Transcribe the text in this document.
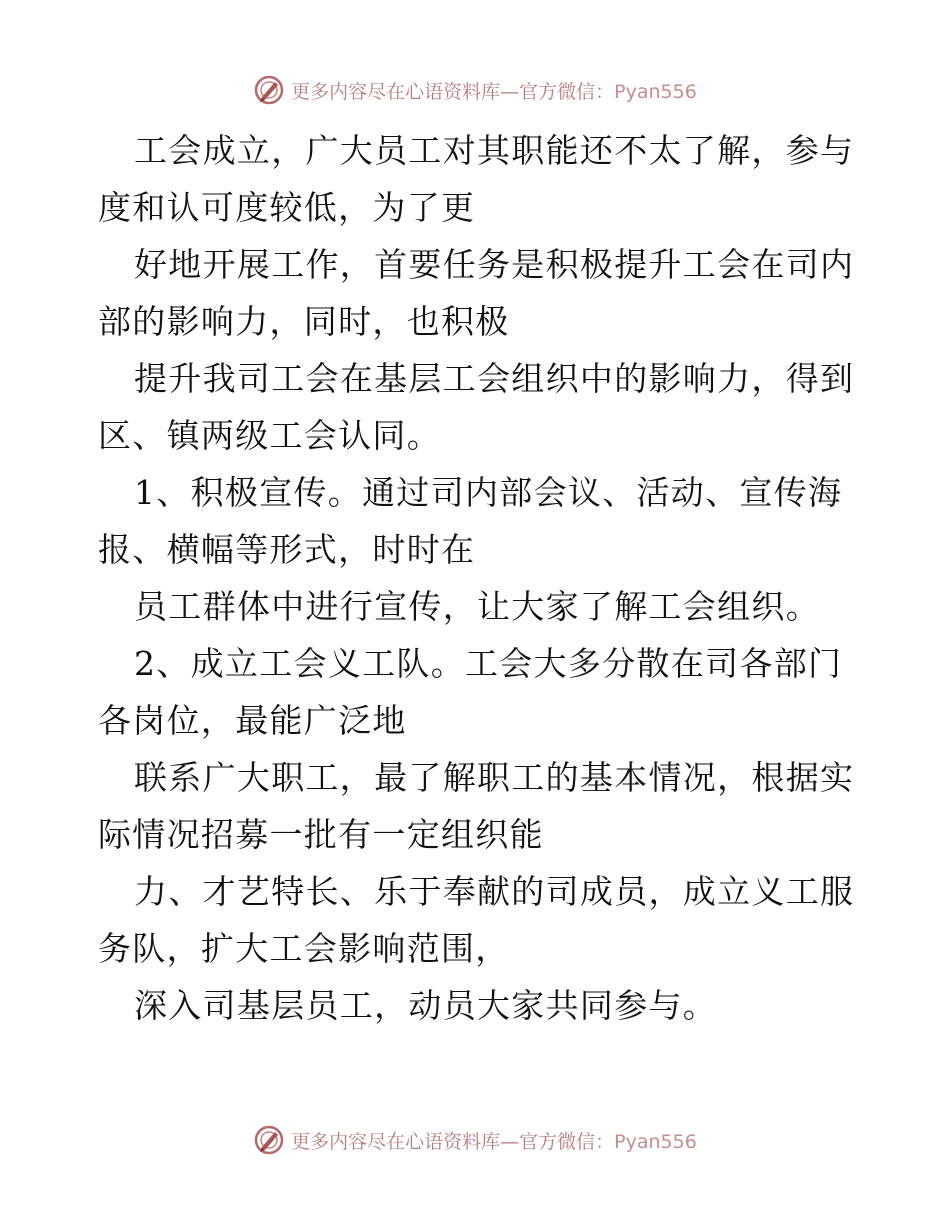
更多内容尽在心语资料库—官方微信：Pyan556
工会成立，广大员工对其职能还不太了解，参与
度和认可度较低，为了更
好地开展工作，首要任务是积极提升工会在司内
部的影响力，同时，也积极
提升我司工会在基层工会组织中的影响力，得到
区、镇两级工会认同。
1、积极宣传。通过司内部会议、活动、宣传海
报、横幅等形式，时时在
员工群体中进行宣传，让大家了解工会组织。
2、成立工会义工队。工会大多分散在司各部门
各岗位，最能广泛地
联系广大职工，最了解职工的基本情况，根据实
际情况招募一批有一定组织能
力、才艺特长、乐于奉献的司成员，成立义工服
务队，扩大工会影响范围，
深入司基层员工，动员大家共同参与。
更多内容尽在心语资料库—官方微信：Pyan556
